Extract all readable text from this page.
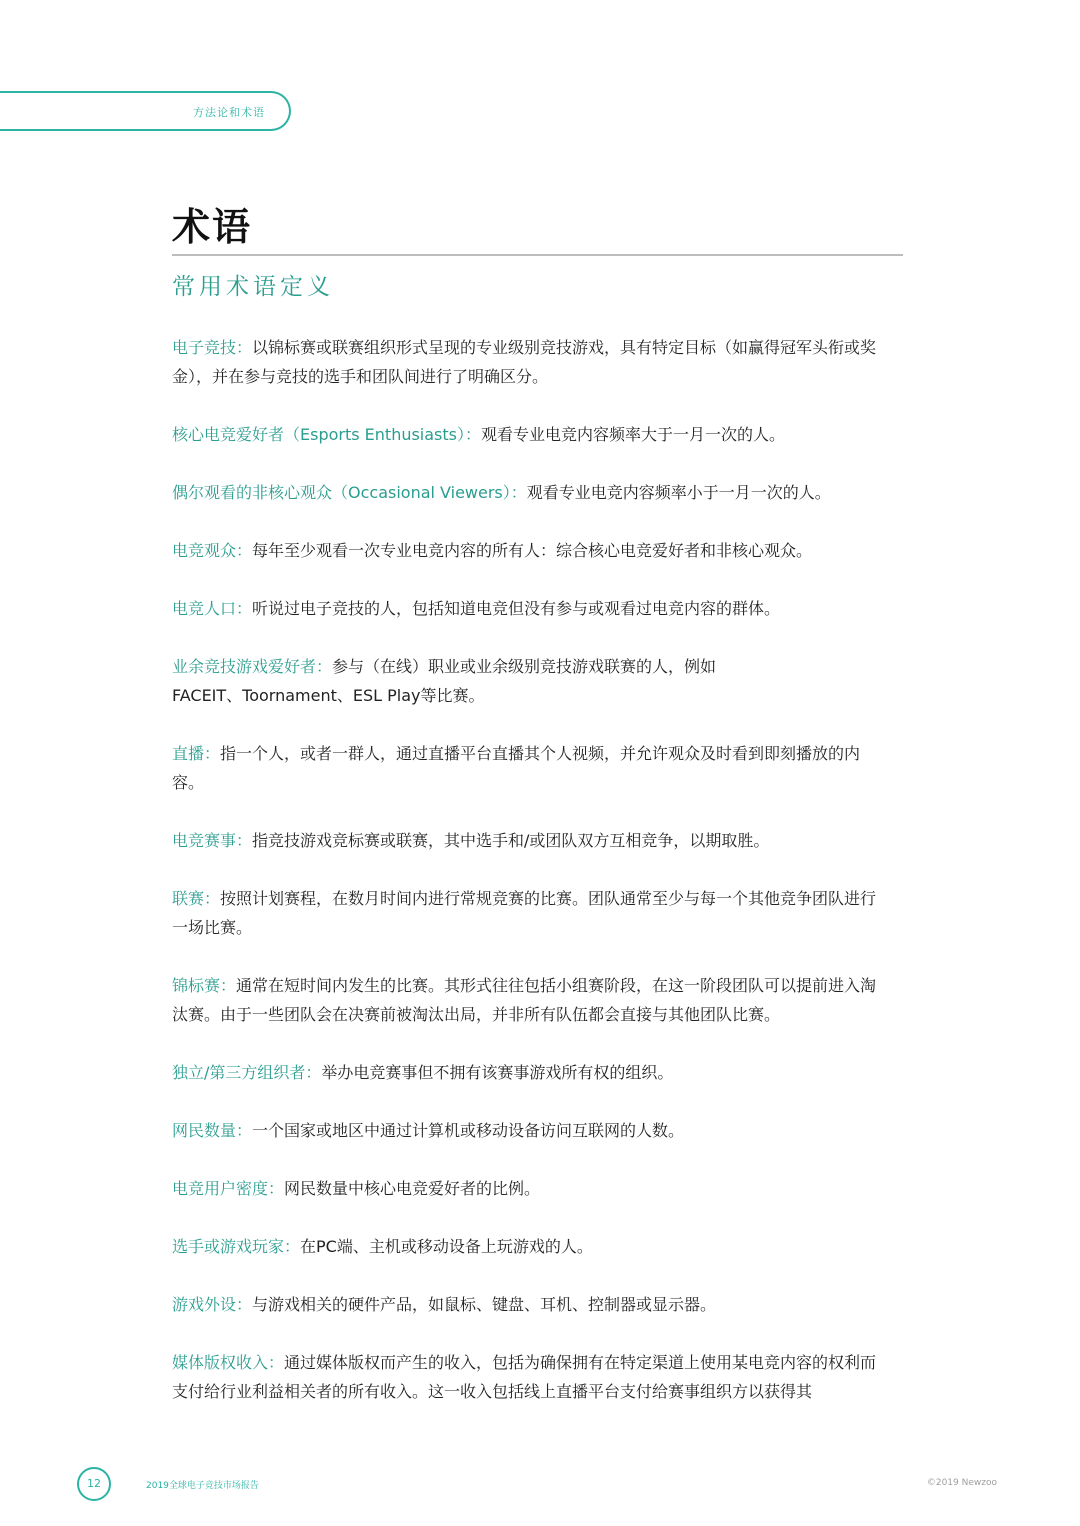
方法论和术语
术语
常用术语定义

电子竞技：以锦标赛或联赛组织形式呈现的专业级别竞技游戏，具有特定目标（如赢得冠军头衔或奖金），并在参与竞技的选手和团队间进行了明确区分。

核心电竞爱好者（Esports Enthusiasts）：观看专业电竞内容频率大于一月一次的人。

偶尔观看的非核心观众（Occasional Viewers）：观看专业电竞内容频率小于一月一次的人。

电竞观众：每年至少观看一次专业电竞内容的所有人：综合核心电竞爱好者和非核心观众。

电竞人口：听说过电子竞技的人，包括知道电竞但没有参与或观看过电竞内容的群体。

业余竞技游戏爱好者：参与（在线）职业或业余级别竞技游戏联赛的人，例如FACEIT、Toornament、ESL Play等比赛。

直播：指一个人，或者一群人，通过直播平台直播其个人视频，并允许观众及时看到即刻播放的内容。

电竞赛事：指竞技游戏竞标赛或联赛，其中选手和/或团队双方互相竞争，以期取胜。

联赛：按照计划赛程，在数月时间内进行常规竞赛的比赛。团队通常至少与每一个其他竞争团队进行一场比赛。

锦标赛：通常在短时间内发生的比赛。其形式往往包括小组赛阶段，在这一阶段团队可以提前进入淘汰赛。由于一些团队会在决赛前被淘汰出局，并非所有队伍都会直接与其他团队比赛。

独立/第三方组织者：举办电竞赛事但不拥有该赛事游戏所有权的组织。

网民数量：一个国家或地区中通过计算机或移动设备访问互联网的人数。

电竞用户密度：网民数量中核心电竞爱好者的比例。

选手或游戏玩家：在PC端、主机或移动设备上玩游戏的人。

游戏外设：与游戏相关的硬件产品，如鼠标、键盘、耳机、控制器或显示器。

媒体版权收入：通过媒体版权而产生的收入，包括为确保拥有在特定渠道上使用某电竞内容的权利而支付给行业利益相关者的所有收入。这一收入包括线上直播平台支付给赛事组织方以获得其

12	2019全球电子竞技市场报告	©2019 Newzoo
